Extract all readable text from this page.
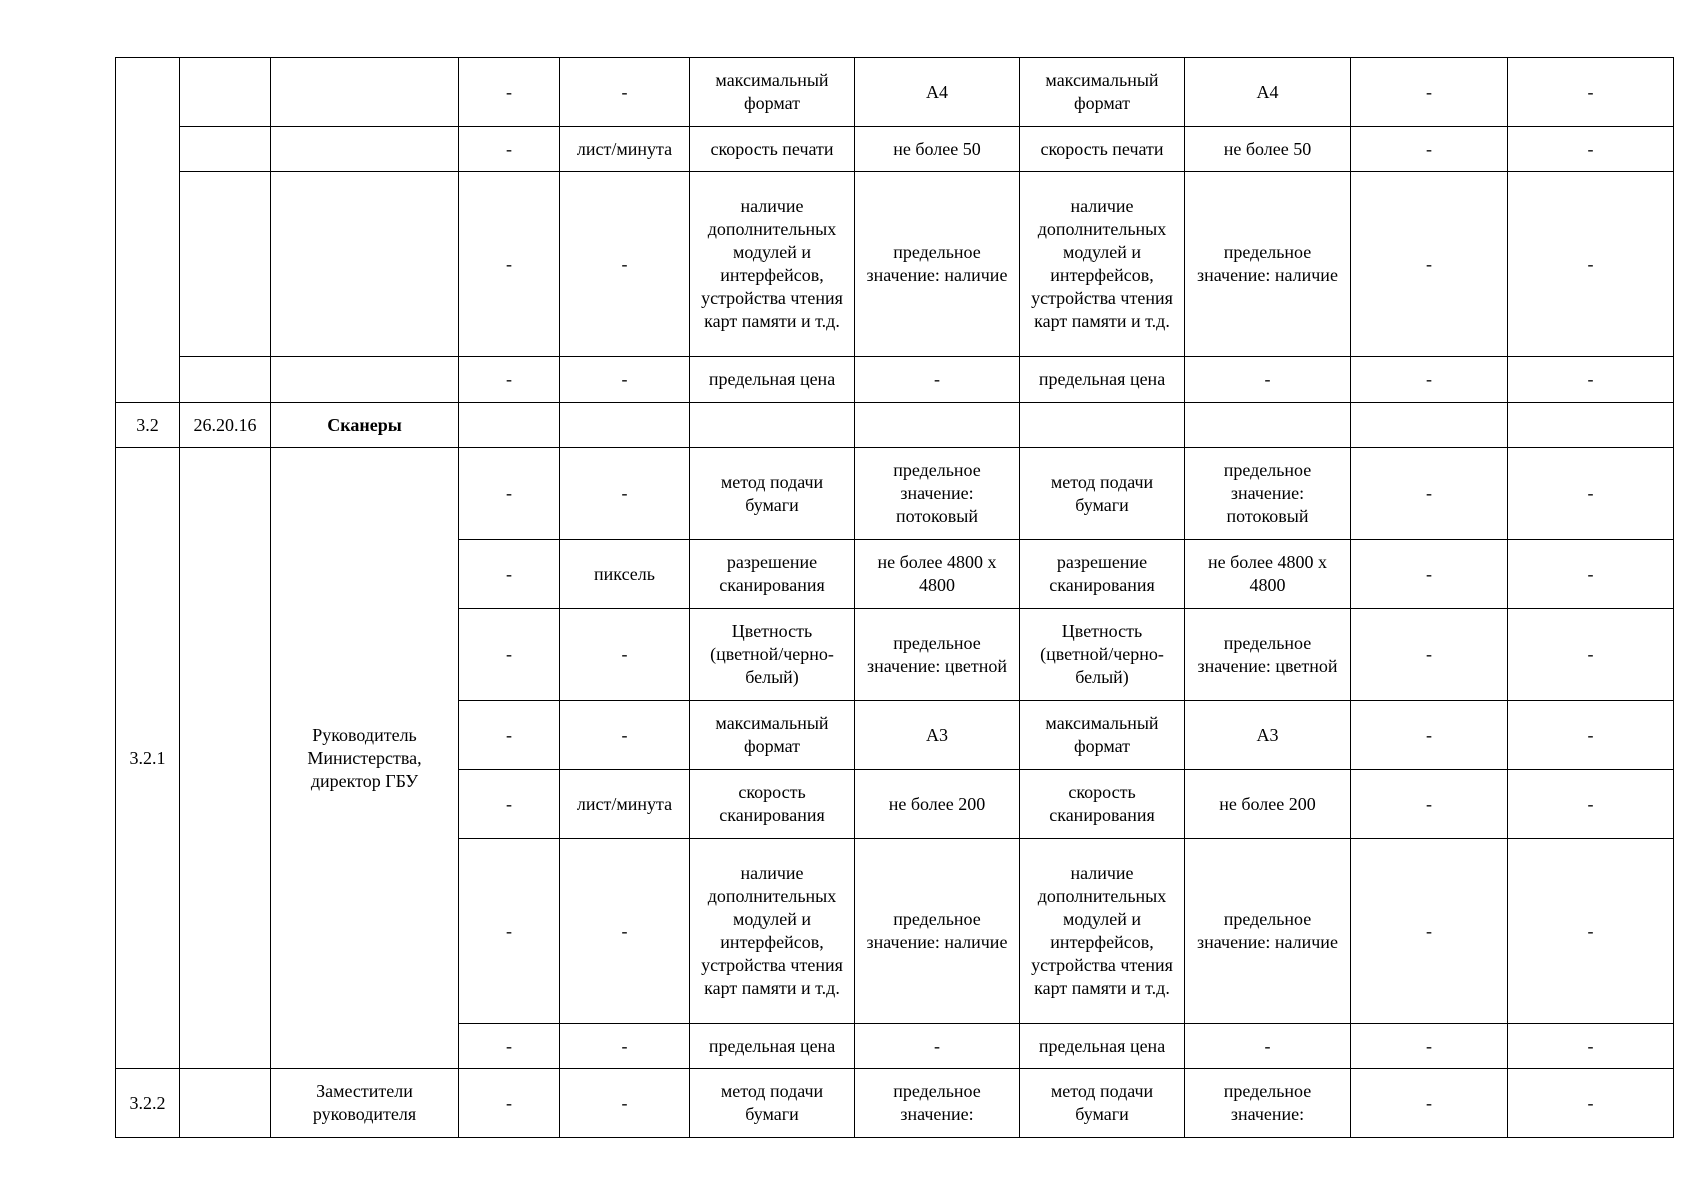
			-	-	максимальный формат	А4	максимальный формат	А4	-	-
			-	лист/минута	скорость печати	не более 50	скорость печати	не более 50	-	-
			-	-	наличие дополнительных модулей и интерфейсов, устройства чтения карт памяти и т.д.	предельное значение: наличие	наличие дополнительных модулей и интерфейсов, устройства чтения карт памяти и т.д.	предельное значение: наличие	-	-
			-	-	предельная цена	-	предельная цена	-	-	-
3.2	26.20.16	Сканеры								
3.2.1		Руководитель Министерства, директор ГБУ	-	-	метод подачи бумаги	предельное значение: потоковый	метод подачи бумаги	предельное значение: потоковый	-	-
			-	пиксель	разрешение сканирования	не более 4800 х 4800	разрешение сканирования	не более 4800 х 4800	-	-
			-	-	Цветность (цветной/черно-белый)	предельное значение: цветной	Цветность (цветной/черно-белый)	предельное значение: цветной	-	-
			-	-	максимальный формат	А3	максимальный формат	А3	-	-
			-	лист/минута	скорость сканирования	не более 200	скорость сканирования	не более 200	-	-
			-	-	наличие дополнительных модулей и интерфейсов, устройства чтения карт памяти и т.д.	предельное значение: наличие	наличие дополнительных модулей и интерфейсов, устройства чтения карт памяти и т.д.	предельное значение: наличие	-	-
			-	-	предельная цена	-	предельная цена	-	-	-
3.2.2		Заместители руководителя	-	-	метод подачи бумаги	предельное значение:	метод подачи бумаги	предельное значение:	-	-
